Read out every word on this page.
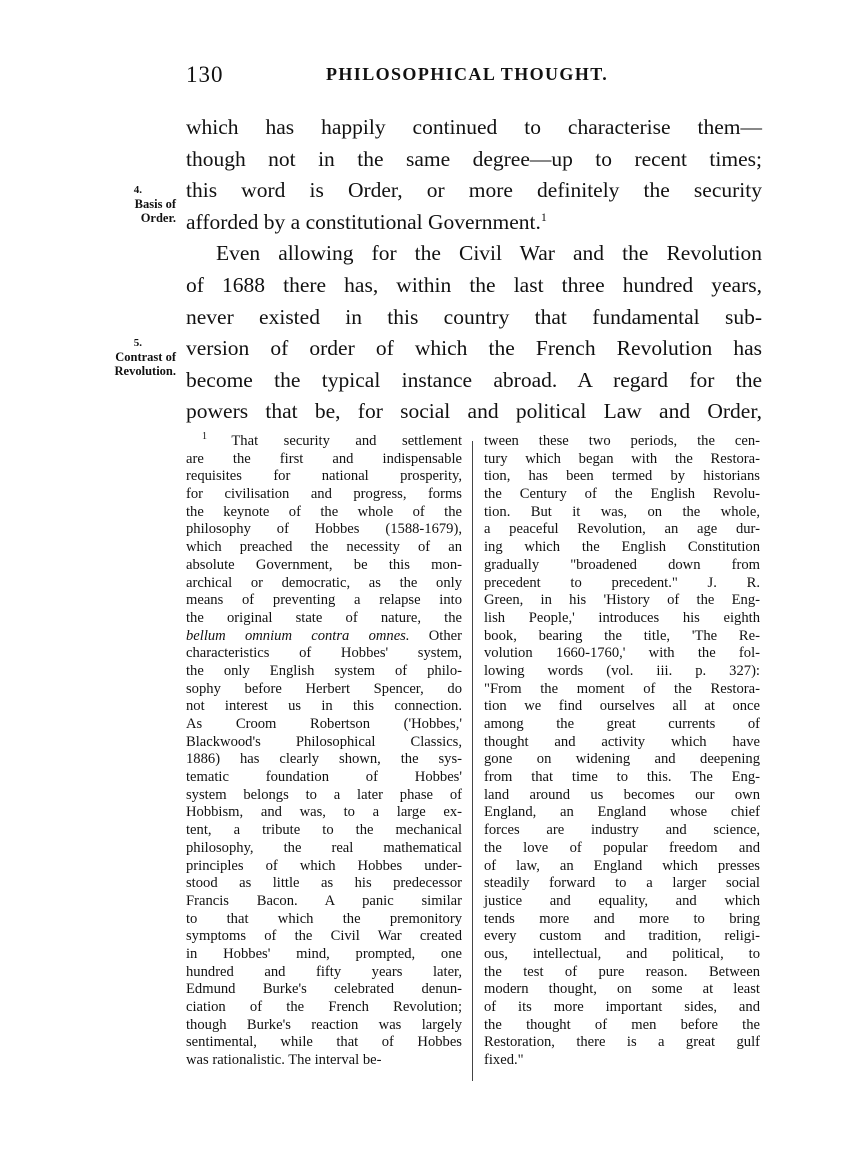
130	PHILOSOPHICAL THOUGHT.
4.
Basis of
Order.
5.
Contrast of
Revolution.
which has happily continued to characterise them—
though not in the same degree—up to recent times;
this word is Order, or more definitely the security
afforded by a constitutional Government.$^1$
Even allowing for the Civil War and the Revolution
of 1688 there has, within the last three hundred years,
never existed in this country that fundamental sub-
version of order of which the French Revolution has
become the typical instance abroad. A regard for the
powers that be, for social and political Law and Order,
$^1$ That security and settlement
are the first and indispensable
requisites for national prosperity,
for civilisation and progress, forms
the keynote of the whole of the
philosophy of Hobbes (1588-1679),
which preached the necessity of an
absolute Government, be this mon-
archical or democratic, as the only
means of preventing a relapse into
the original state of nature, the
bellum omnium contra omnes. Other
characteristics of Hobbes' system,
the only English system of philo-
sophy before Herbert Spencer, do
not interest us in this connection.
As Croom Robertson ('Hobbes,'
Blackwood's Philosophical Classics,
1886) has clearly shown, the sys-
tematic foundation of Hobbes'
system belongs to a later phase of
Hobbism, and was, to a large ex-
tent, a tribute to the mechanical
philosophy, the real mathematical
principles of which Hobbes under-
stood as little as his predecessor
Francis Bacon. A panic similar
to that which the premonitory
symptoms of the Civil War created
in Hobbes' mind, prompted, one
hundred and fifty years later,
Edmund Burke's celebrated denun-
ciation of the French Revolution;
though Burke's reaction was largely
sentimental, while that of Hobbes
was rationalistic. The interval be-
tween these two periods, the cen-
tury which began with the Restora-
tion, has been termed by historians
the Century of the English Revolu-
tion. But it was, on the whole,
a peaceful Revolution, an age dur-
ing which the English Constitution
gradually "broadened down from
precedent to precedent." J. R.
Green, in his 'History of the Eng-
lish People,' introduces his eighth
book, bearing the title, 'The Re-
volution 1660-1760,' with the fol-
lowing words (vol. iii. p. 327):
"From the moment of the Restora-
tion we find ourselves all at once
among the great currents of
thought and activity which have
gone on widening and deepening
from that time to this. The Eng-
land around us becomes our own
England, an England whose chief
forces are industry and science,
the love of popular freedom and
of law, an England which presses
steadily forward to a larger social
justice and equality, and which
tends more and more to bring
every custom and tradition, religi-
ous, intellectual, and political, to
the test of pure reason. Between
modern thought, on some at least
of its more important sides, and
the thought of men before the
Restoration, there is a great gulf
fixed."
